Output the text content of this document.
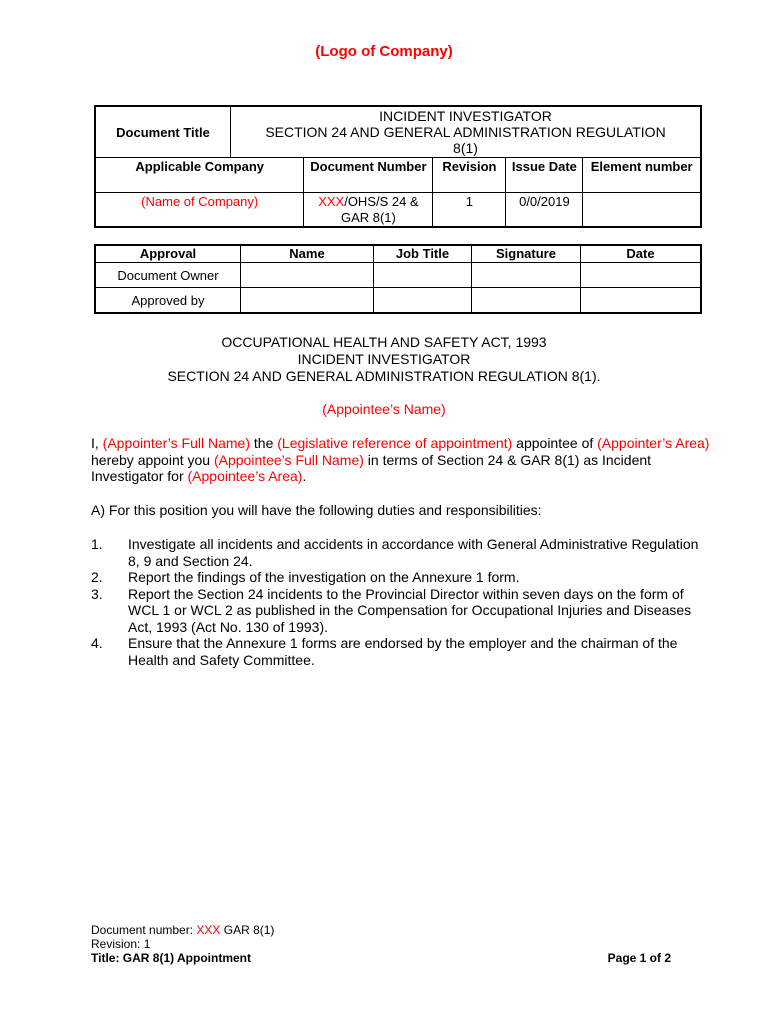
(Logo of Company)
Document Title	INCIDENT INVESTIGATOR
SECTION 24 AND GENERAL ADMINISTRATION REGULATION
8(1)				

Applicable Company		Document Number	Revision	Issue Date	Element number
(Name of Company)		XXX/OHS/S 24 & GAR 8(1)	1	0/0/2019	
Approval	Name	Job Title	Signature	Date
Document Owner				
Approved by				
OCCUPATIONAL HEALTH AND SAFETY ACT, 1993
INCIDENT INVESTIGATOR
SECTION 24 AND GENERAL ADMINISTRATION REGULATION 8(1).
(Appointee’s Name)
I, (Appointer’s Full Name) the (Legislative reference of appointment) appointee of (Appointer’s Area) hereby appoint you (Appointee’s Full Name) in terms of Section 24 & GAR 8(1) as Incident Investigator for (Appointee’s Area).
A) For this position you will have the following duties and responsibilities:
1. Investigate all incidents and accidents in accordance with General Administrative Regulation 8, 9 and Section 24.
2. Report the findings of the investigation on the Annexure 1 form.
3. Report the Section 24 incidents to the Provincial Director within seven days on the form of WCL 1 or WCL 2 as published in the Compensation for Occupational Injuries and Diseases Act, 1993 (Act No. 130 of 1993).
4. Ensure that the Annexure 1 forms are endorsed by the employer and the chairman of the Health and Safety Committee.
Document number: XXX GAR 8(1)
Revision: 1
Title: GAR 8(1) Appointment	Page 1 of 2
